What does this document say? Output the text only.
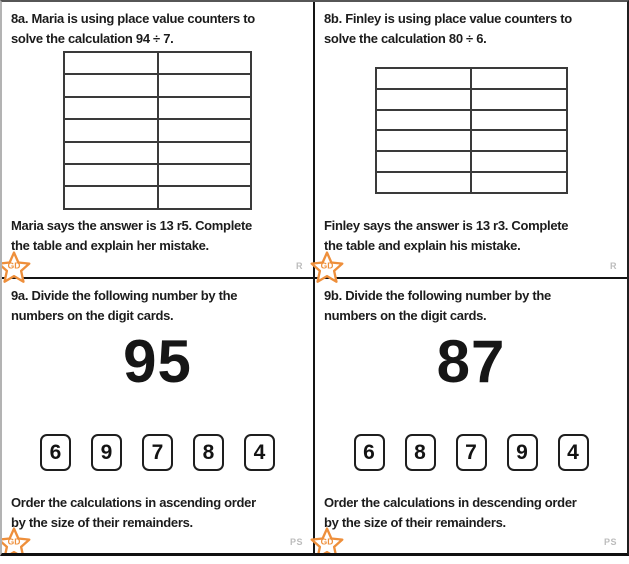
8a. Maria is using place value counters to
solve the calculation 94 ÷ 7.

Maria says the answer is 13 r5. Complete
the table and explain her mistake.
GD	R
8b. Finley is using place value counters to
solve the calculation 80 ÷ 6.

Finley says the answer is 13 r3. Complete
the table and explain his mistake.
GD	R
9a. Divide the following number by the
numbers on the digit cards.
95
6	9	7	8	4
Order the calculations in ascending order
by the size of their remainders.
GD	PS
9b. Divide the following number by the
numbers on the digit cards.
87
6	8	7	9	4
Order the calculations in descending order
by the size of their remainders.
GD	PS
